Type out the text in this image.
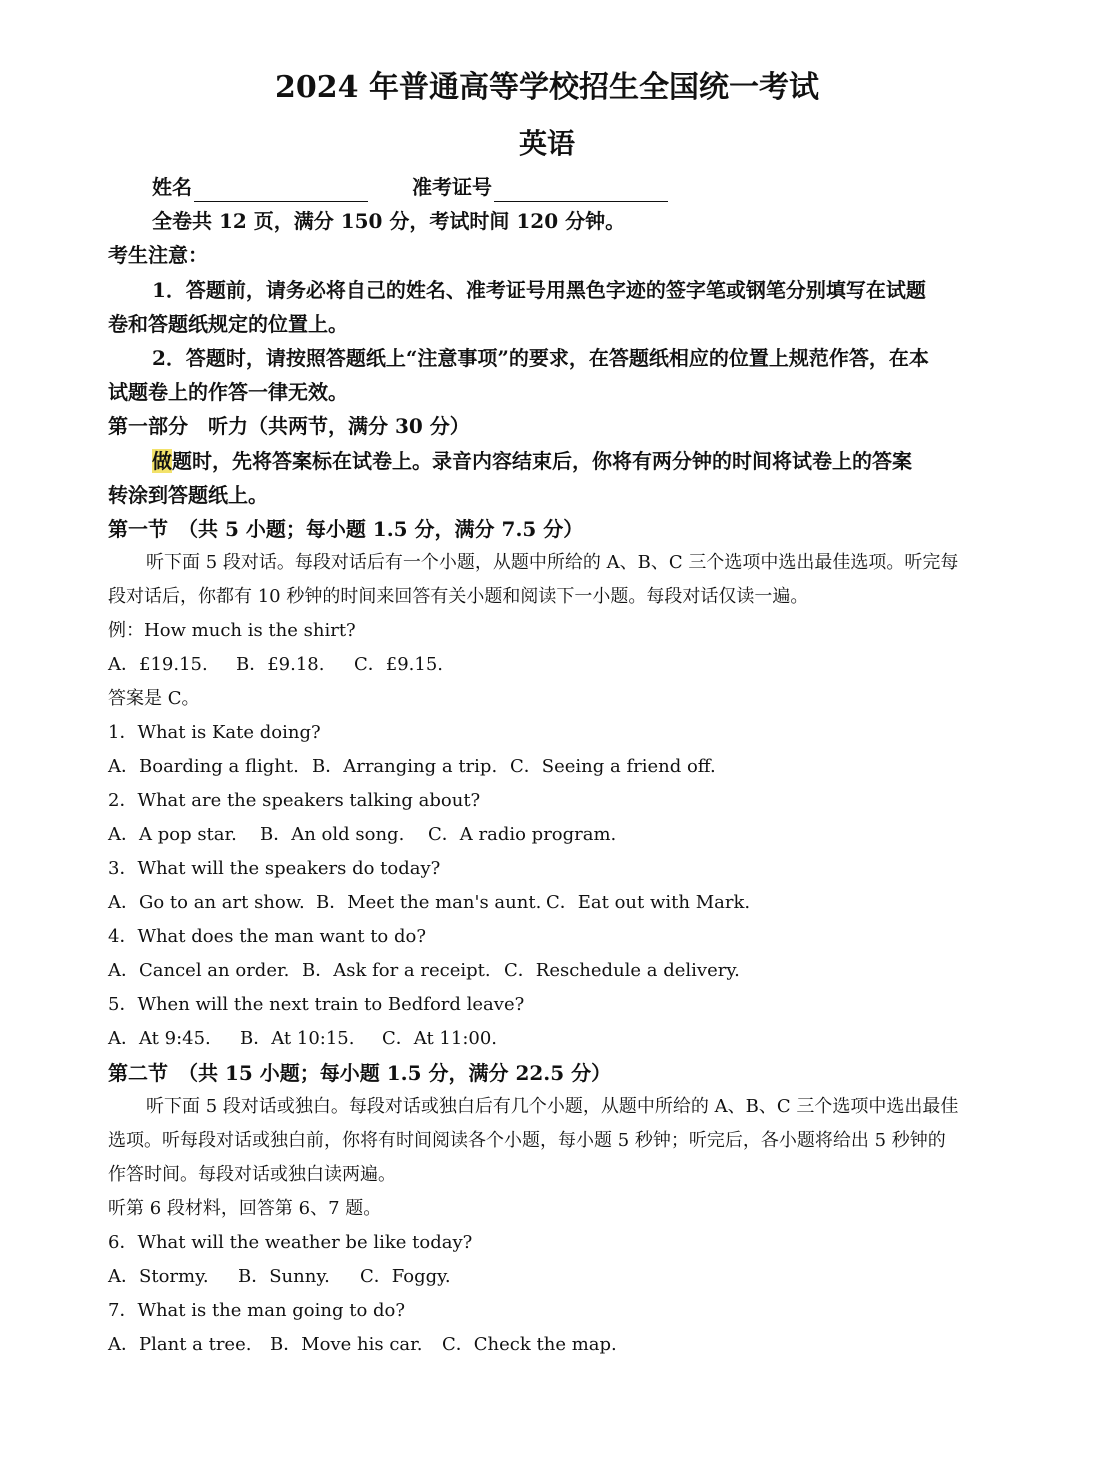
2024 年普通高等学校招生全国统一考试
英语
姓名	准考证号
全卷共 12 页，满分 150 分，考试时间 120 分钟。
考生注意：
1．答题前，请务必将自己的姓名、准考证号用黑色字迹的签字笔或钢笔分别填写在试题
卷和答题纸规定的位置上。
2．答题时，请按照答题纸上“注意事项”的要求，在答题纸相应的位置上规范作答，在本
试题卷上的作答一律无效。
第一部分　听力（共两节，满分 30 分）
做题时，先将答案标在试卷上。录音内容结束后，你将有两分钟的时间将试卷上的答案
转涂到答题纸上。
第一节　（共 5 小题；每小题 1.5 分，满分 7.5 分）
听下面 5 段对话。每段对话后有一个小题，从题中所给的 A、B、C 三个选项中选出最佳选项。听完每
段对话后，你都有 10 秒钟的时间来回答有关小题和阅读下一小题。每段对话仅读一遍。
例：How much is the shirt?
A．£19.15. B．£9.18. C．£9.15.
答案是 C。
1．What is Kate doing?
A．Boarding a flight. B．Arranging a trip. C．Seeing a friend off.
2．What are the speakers talking about?
A．A pop star. B．An old song. C．A radio program.
3．What will the speakers do today?
A．Go to an art show. B．Meet the man's aunt. C．Eat out with Mark.
4．What does the man want to do?
A．Cancel an order. B．Ask for a receipt. C．Reschedule a delivery.
5．When will the next train to Bedford leave?
A．At 9:45. B．At 10:15. C．At 11:00.
第二节　（共 15 小题；每小题 1.5 分，满分 22.5 分）
听下面 5 段对话或独白。每段对话或独白后有几个小题，从题中所给的 A、B、C 三个选项中选出最佳
选项。听每段对话或独白前，你将有时间阅读各个小题，每小题 5 秒钟；听完后，各小题将给出 5 秒钟的
作答时间。每段对话或独白读两遍。
听第 6 段材料，回答第 6、7 题。
6．What will the weather be like today?
A．Stormy. B．Sunny. C．Foggy.
7．What is the man going to do?
A．Plant a tree. B．Move his car. C．Check the map.
